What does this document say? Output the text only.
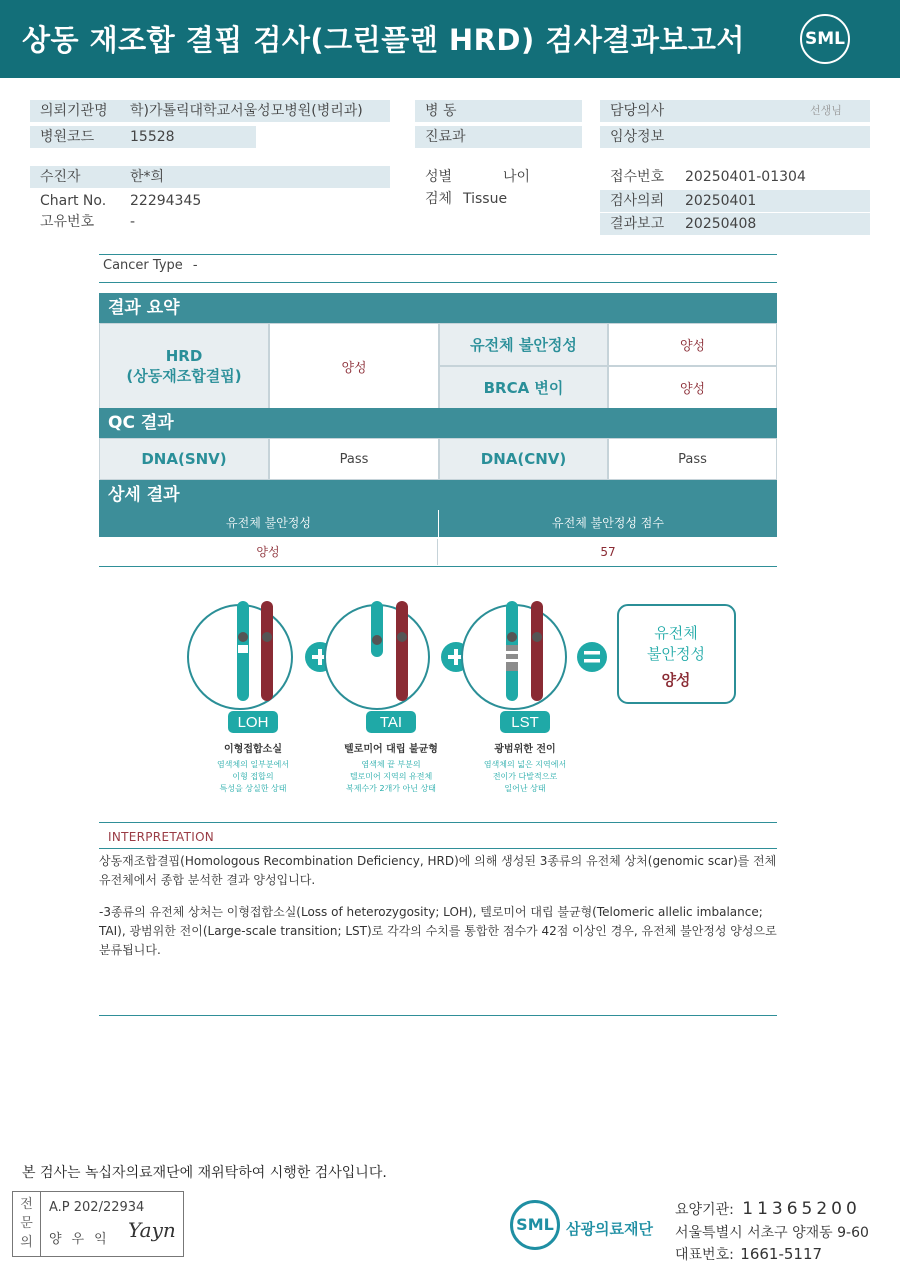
상동 재조합 결핍 검사(그린플랜 HRD) 검사결과보고서	SML
의뢰기관명 학)가톨릭대학교서울성모병원(병리과)
병원코드	15528
병 동
진료과
담당의사	선생님
임상정보
수진자	한*희
Chart No. 22294345
고유번호	-
성별	나이
검체 Tissue
접수번호 20250401-01304
검사의뢰 20250401
결과보고 20250408
Cancer Type -
결과 요약
HRD
(상동재조합결핍)	양성
유전체 불안정성	양성
BRCA 변이	양성
QC 결과
DNA(SNV)	Pass	DNA(CNV)	Pass
상세 결과
유전체 불안정성	유전체 불안정성 점수
양성	57
LOH
이형접합소실
염색체의 일부분에서
이형 접합의
특성을 상실한 상태
TAI
텔로미어 대립 불균형
염색체 끝 부분의
텔로미어 지역의 유전체
복제수가 2개가 아닌 상태
LST
광범위한 전이
염색체의 넓은 지역에서
전이가 다발적으로
일어난 상태
유전체
불안정성
양성
INTERPRETATION
상동재조합결핍(Homologous Recombination Deficiency, HRD)에 의해 생성된 3종류의 유전체 상처(genomic scar)를 전체
유전체에서 종합 분석한 결과 양성입니다.
-3종류의 유전체 상처는 이형접합소실(Loss of heterozygosity; LOH), 텔로미어 대립 불균형(Telomeric allelic imbalance;
TAI), 광범위한 전이(Large-scale transition; LST)로 각각의 수치를 통합한 점수가 42점 이상인 경우, 유전체 불안정성 양성으로
분류됩니다.
본 검사는 녹십자의료재단에 재위탁하여 시행한 검사입니다.
전
문
의
A.P 202/22934
양우익 Yayn	SML 삼광의료재단
요양기관: 11365200
서울특별시 서초구 양재동 9-60
대표번호: 1661-5117
